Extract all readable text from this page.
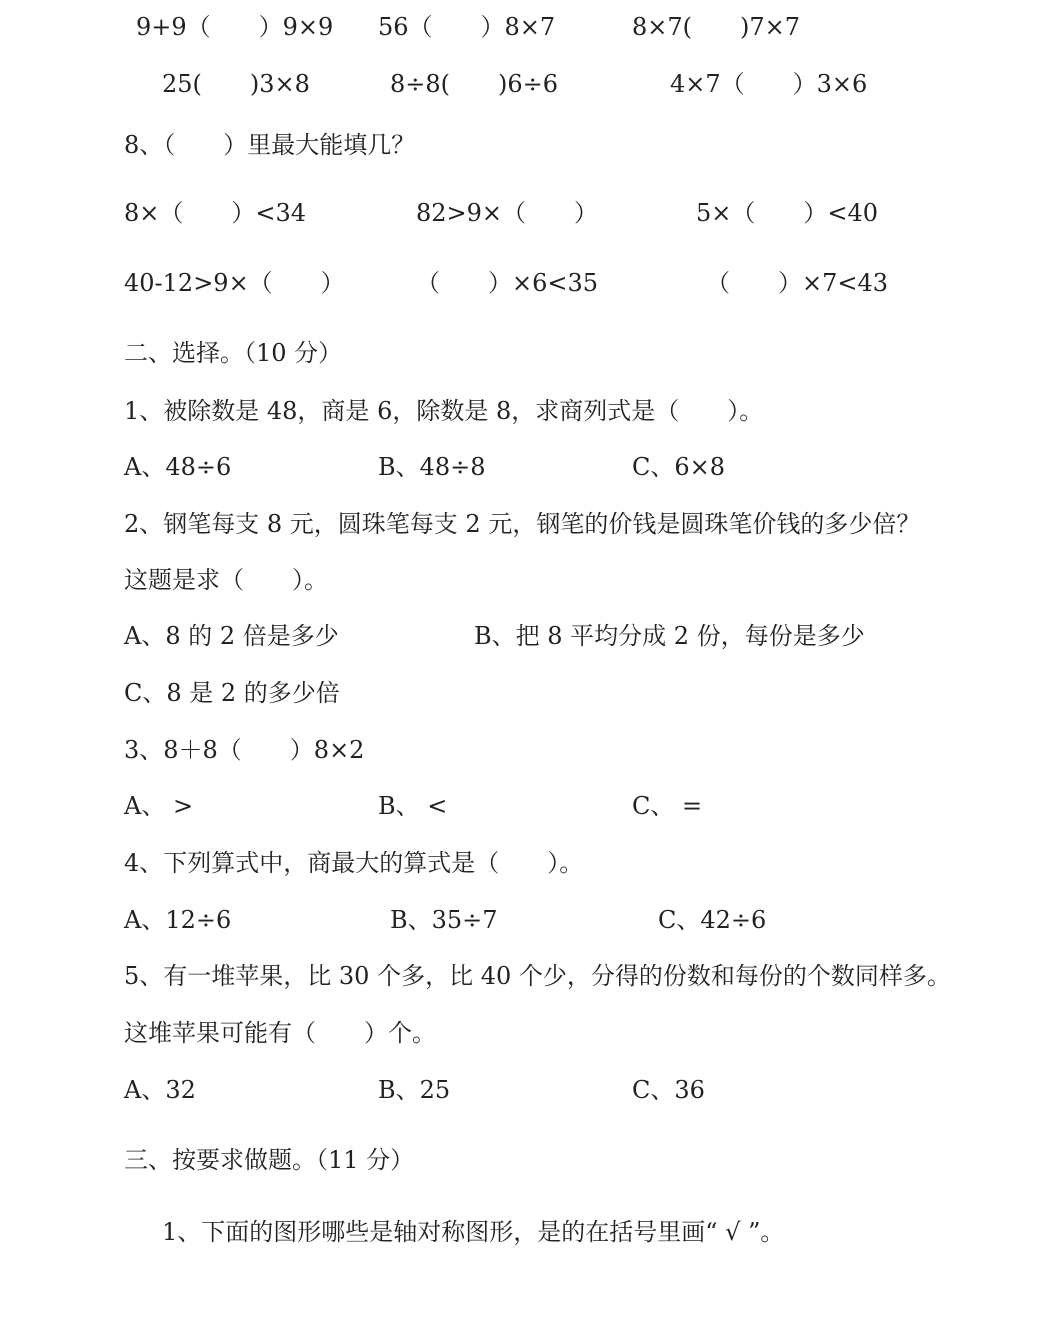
9+9（　　）9×9 56（　　）8×7	8×7(　　)7×7
25(　　)3×8	8÷8(　　)6÷6	4×7（　　）3×6
8、（　　）里最大能填几？
8×（　　）<34	82>9×（　　）	5×（　　）<40
40-12>9×（　　）	（　　）×6<35	（　　）×7<43
二、选择。（10 分）
1、被除数是 48，商是 6，除数是 8，求商列式是（　　）。
A、48÷6	B、48÷8	C、6×8
2、钢笔每支 8 元，圆珠笔每支 2 元，钢笔的价钱是圆珠笔价钱的多少倍？
这题是求（　　）。
A、8 的 2 倍是多少	B、把 8 平均分成 2 份，每份是多少
C、8 是 2 的多少倍
3、8＋8（　　）8×2
A、 >	B、 <	C、 =
4、下列算式中，商最大的算式是（　　）。
A、12÷6	B、35÷7	C、42÷6
5、有一堆苹果，比 30 个多，比 40 个少，分得的份数和每份的个数同样多。
这堆苹果可能有（　　）个。
A、32	B、25	C、36
三、按要求做题。（11 分）
1、下面的图形哪些是轴对称图形，是的在括号里画“ √ ”。
